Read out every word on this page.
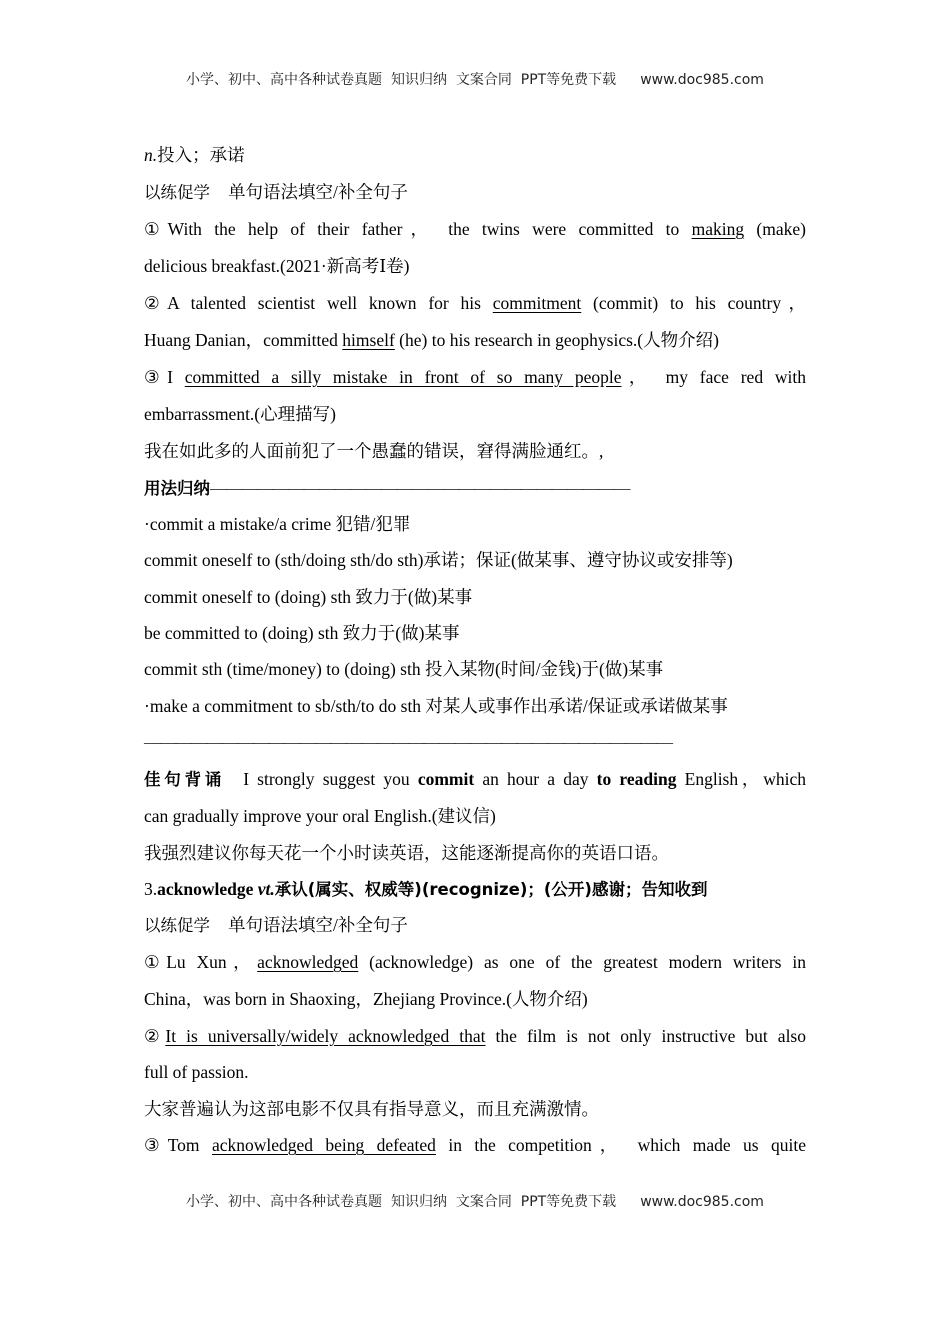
小学、初中、高中各种试卷真题  知识归纳  文案合同  PPT等免费下载 www.doc985.com
n.投入；承诺
以练促学 单句语法填空/补全句子
①With the help of their father， the twins were committed to making (make)
delicious breakfast.(2021·新高考Ⅰ卷)
②A talented scientist well known for his commitment (commit) to his country，
Huang Danian，committed himself (he) to his research in geophysics.(人物介绍)
③I committed a silly mistake in front of so many people， my face red with
embarrassment.(心理描写)
我在如此多的人面前犯了一个愚蠢的错误，窘得满脸通红。,
用法归纳———————————————————————————
·commit a mistake/a crime 犯错/犯罪
commit oneself to (sth/doing sth/do sth)承诺；保证(做某事、遵守协议或安排等)
commit oneself to (doing) sth 致力于(做)某事
be committed to (doing) sth 致力于(做)某事
commit sth (time/money) to (doing) sth 投入某物(时间/金钱)于(做)某事
·make a commitment to sb/sth/to do sth 对某人或事作出承诺/保证或承诺做某事
——————————————————————————————————
佳句背诵 I strongly suggest you commit an hour a day to reading English，which
can gradually improve your oral English.(建议信)
我强烈建议你每天花一个小时读英语，这能逐渐提高你的英语口语。
3.acknowledge vt.承认(属实、权威等)(recognize)；(公开)感谢；告知收到
以练促学 单句语法填空/补全句子
①Lu Xun，acknowledged (acknowledge) as one of the greatest modern writers in
China，was born in Shaoxing，Zhejiang Province.(人物介绍)
②It is universally/widely acknowledged that the film is not only instructive but also
full of passion.
大家普遍认为这部电影不仅具有指导意义，而且充满激情。
③Tom acknowledged being defeated in the competition， which made us quite
小学、初中、高中各种试卷真题  知识归纳  文案合同  PPT等免费下载 www.doc985.com
